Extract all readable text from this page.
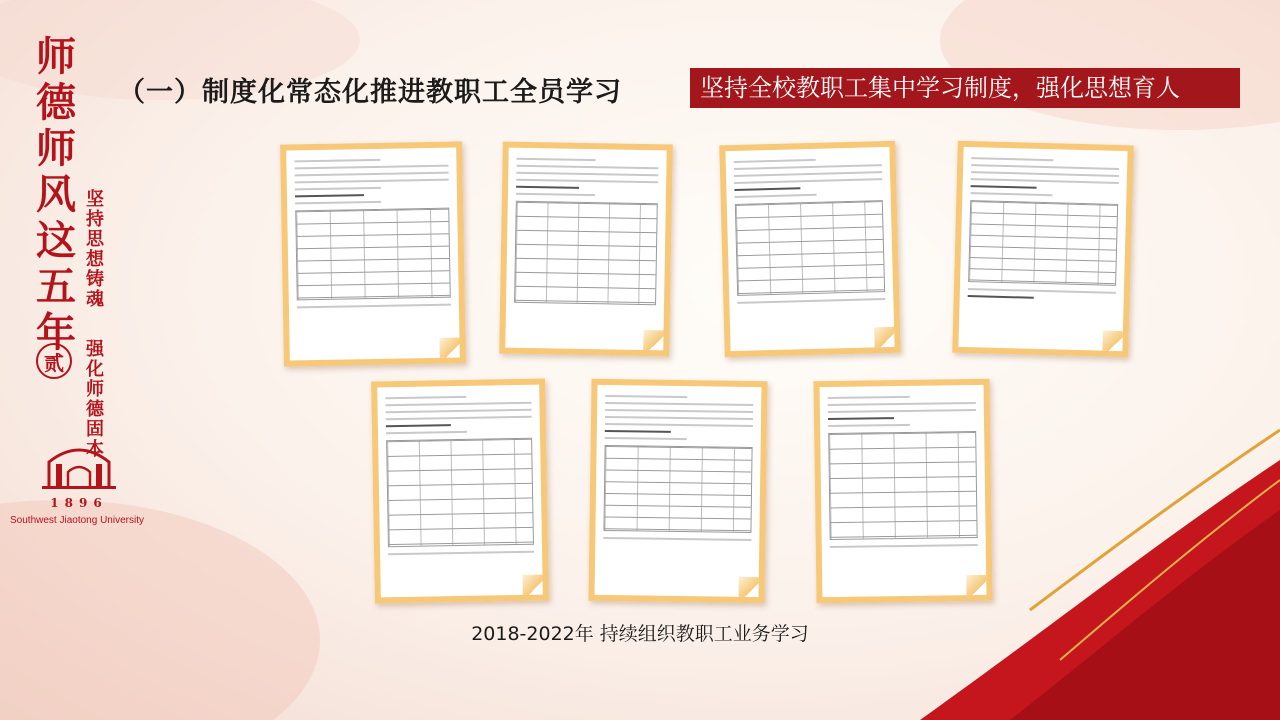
师
德
师
风
这
五
年
坚持思想铸魂
贰
强化师德固本
1896
Southwest Jiaotong University
（一）制度化常态化推进教职工全员学习	坚持全校教职工集中学习制度，强化思想育人
2018-2022年 持续组织教职工业务学习
